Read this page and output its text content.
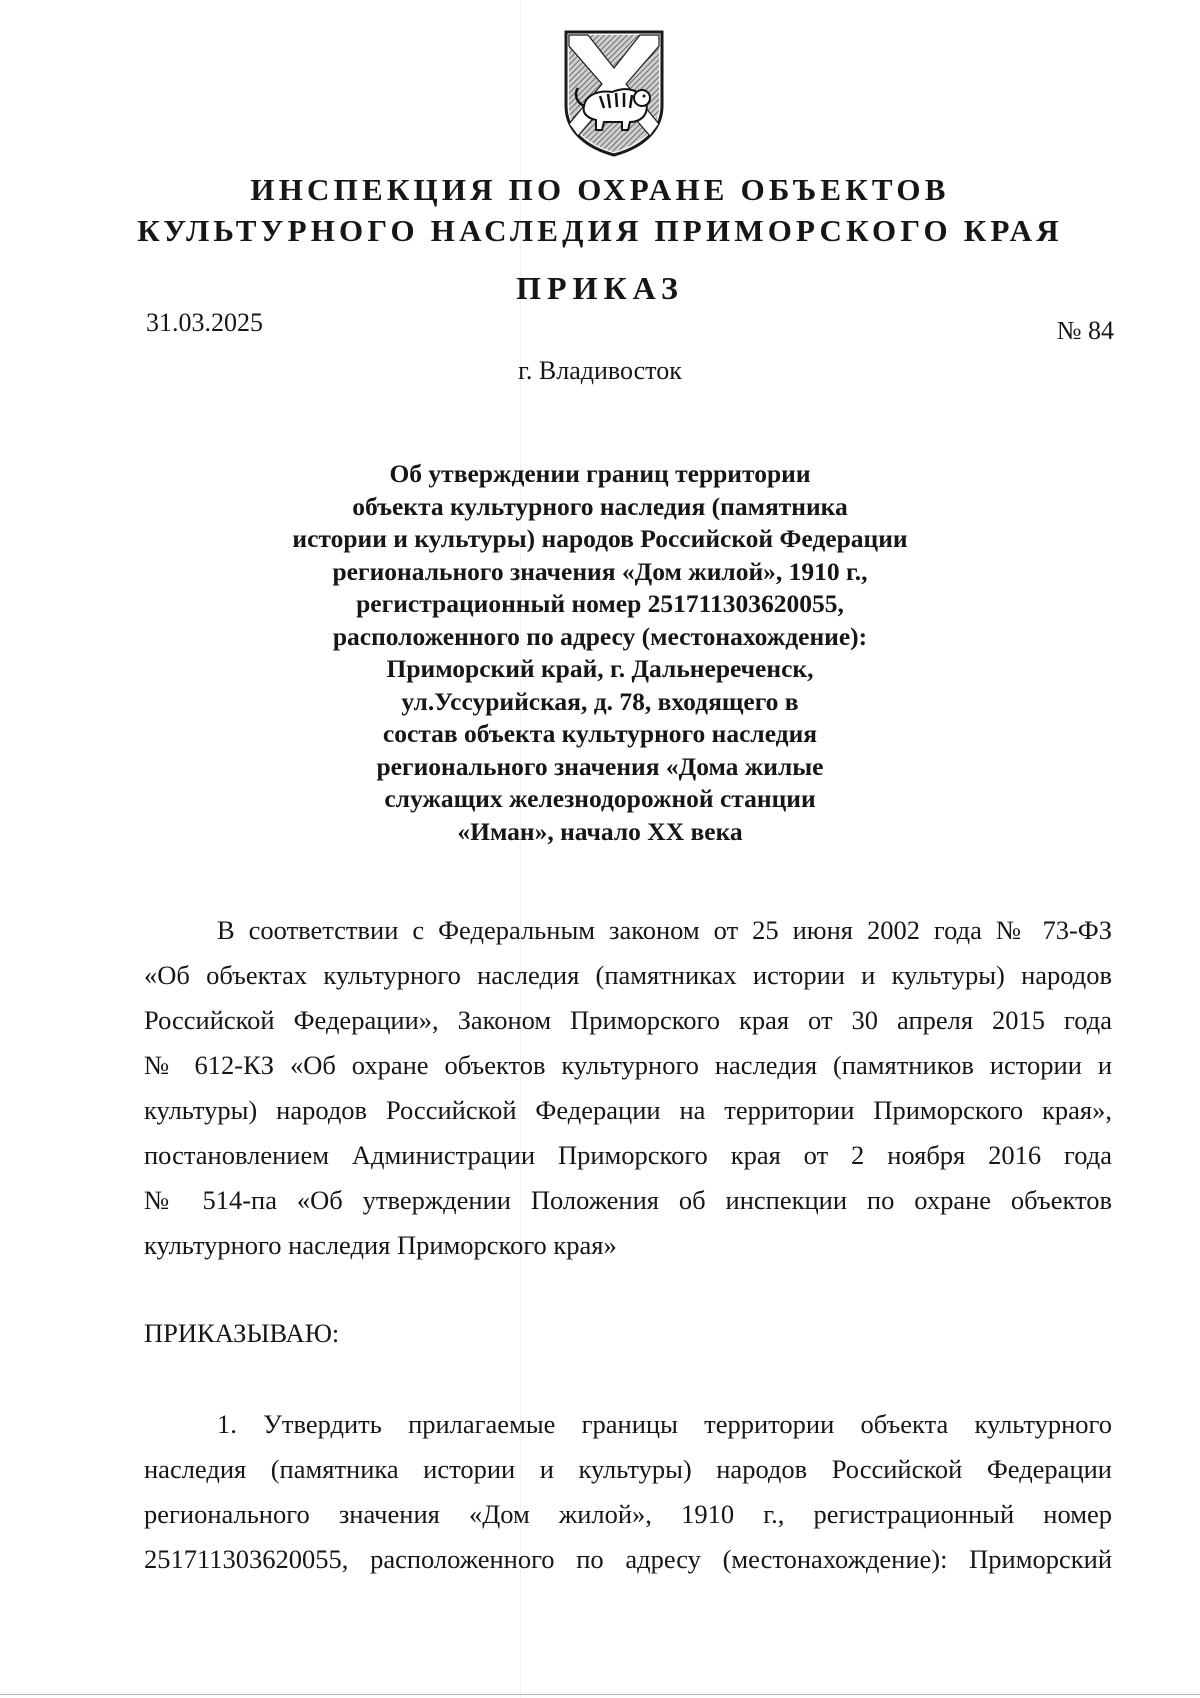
ИНСПЕКЦИЯ ПО ОХРАНЕ ОБЪЕКТОВ
КУЛЬТУРНОГО НАСЛЕДИЯ ПРИМОРСКОГО КРАЯ
ПРИКАЗ
31.03.2025	№ 84
г. Владивосток
Об утверждении границ территории
объекта культурного наследия (памятника
истории и культуры) народов Российской Федерации
регионального значения «Дом жилой», 1910 г.,
регистрационный номер 251711303620055,
расположенного по адресу (местонахождение):
Приморский край, г. Дальнереченск,
ул.Уссурийская, д. 78, входящего в
состав объекта культурного наследия
регионального значения «Дома жилые
служащих железнодорожной станции
«Иман», начало XX века
В соответствии с Федеральным законом от 25 июня 2002 года № 73-ФЗ
«Об объектах культурного наследия (памятниках истории и культуры) народов
Российской Федерации», Законом Приморского края от 30 апреля 2015 года
№ 612-КЗ «Об охране объектов культурного наследия (памятников истории и
культуры) народов Российской Федерации на территории Приморского края»,
постановлением Администрации Приморского края от 2 ноября 2016 года
№ 514-па «Об утверждении Положения об инспекции по охране объектов
культурного наследия Приморского края»
ПРИКАЗЫВАЮ:
1. Утвердить прилагаемые границы территории объекта культурного
наследия (памятника истории и культуры) народов Российской Федерации
регионального значения «Дом жилой», 1910 г., регистрационный номер
251711303620055, расположенного по адресу (местонахождение): Приморский
